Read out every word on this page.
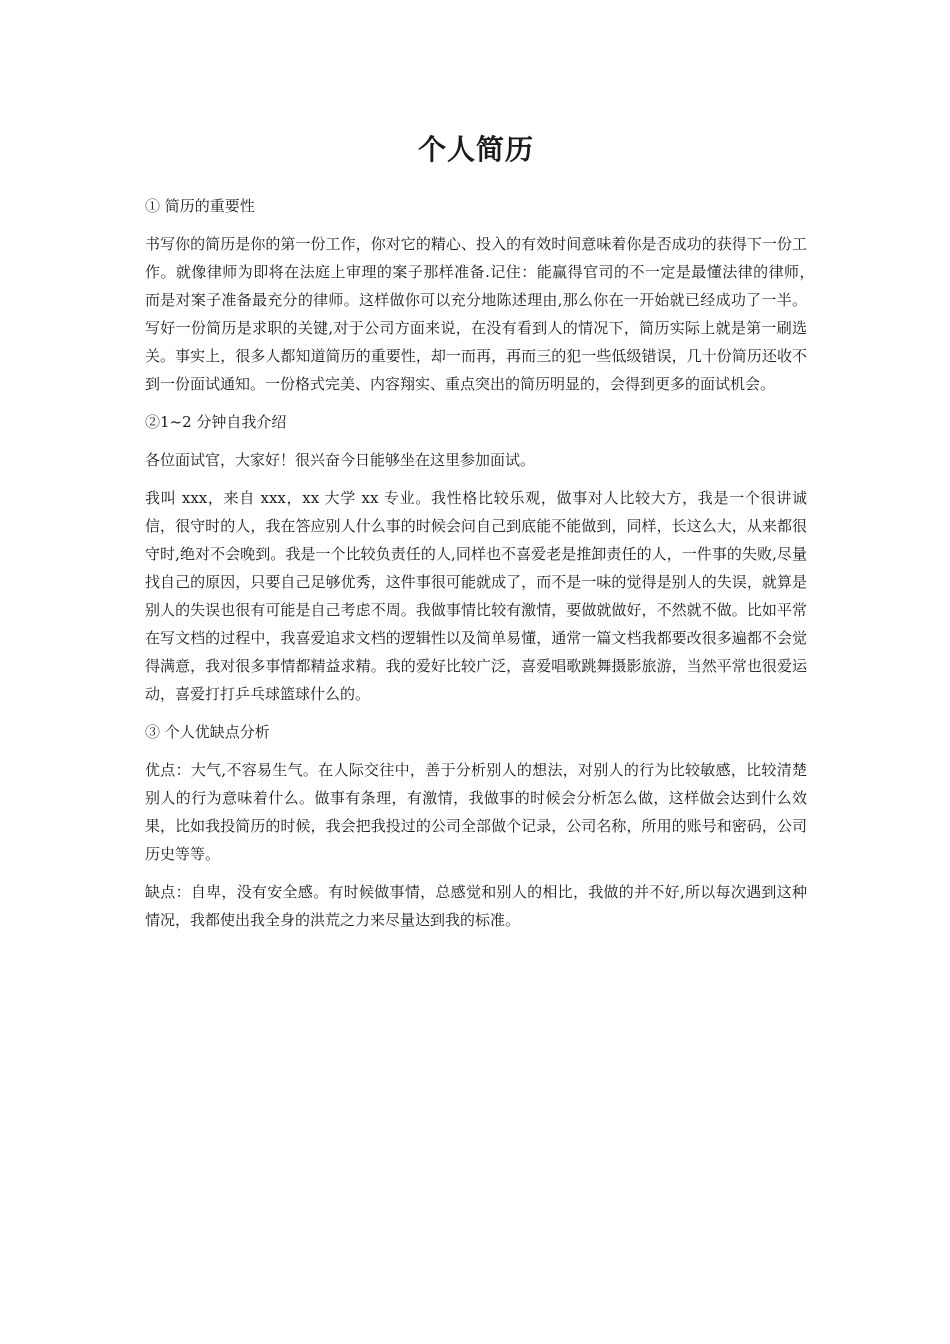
个人简历

① 简历的重要性

书写你的简历是你的第一份工作，你对它的精心、投入的有效时间意味着你是否成功的获得下一份工作。就像律师为即将在法庭上审理的案子那样准备.记住：能赢得官司的不一定是最懂法律的律师，　而是对案子准备最充分的律师。这样做你可以充分地陈述理由,那么你在一开始就已经成功了一半。写好一份简历是求职的关键,对于公司方面来说，在没有看到人的情况下，简历实际上就是第一刷选关。事实上，很多人都知道简历的重要性，却一而再，再而三的犯一些低级错误，几十份简历还收不到一份面试通知。一份格式完美、内容翔实、重点突出的简历明显的，会得到更多的面试机会。

②1~2 分钟自我介绍

各位面试官，大家好！很兴奋今日能够坐在这里参加面试。

我叫 xxx，来自 xxx，xx 大学 xx 专业。我性格比较乐观，做事对人比较大方，我是一个很讲诚信，很守时的人，我在答应别人什么事的时候会问自己到底能不能做到，同样，长这么大，从来都很守时,绝对不会晚到。我是一个比较负责任的人,同样也不喜爱老是推卸责任的人，一件事的失败,尽量找自己的原因，只要自己足够优秀，这件事很可能就成了，而不是一味的觉得是别人的失误，就算是别人的失误也很有可能是自己考虑不周。我做事情比较有激情，要做就做好，不然就不做。比如平常在写文档的过程中，我喜爱追求文档的逻辑性以及简单易懂，通常一篇文档我都要改很多遍都不会觉得满意，我对很多事情都精益求精。我的爱好比较广泛，喜爱唱歌跳舞摄影旅游，当然平常也很爱运动，喜爱打打乒乓球篮球什么的。

③ 个人优缺点分析

优点：大气,不容易生气。在人际交往中，善于分析别人的想法，对别人的行为比较敏感，比较清楚别人的行为意味着什么。做事有条理，有激情，我做事的时候会分析怎么做，这样做会达到什么效果，比如我投简历的时候，我会把我投过的公司全部做个记录，公司名称，所用的账号和密码，公司历史等等。

缺点：自卑，没有安全感。有时候做事情，总感觉和别人的相比，我做的并不好,所以每次遇到这种情况，我都使出我全身的洪荒之力来尽量达到我的标准。
